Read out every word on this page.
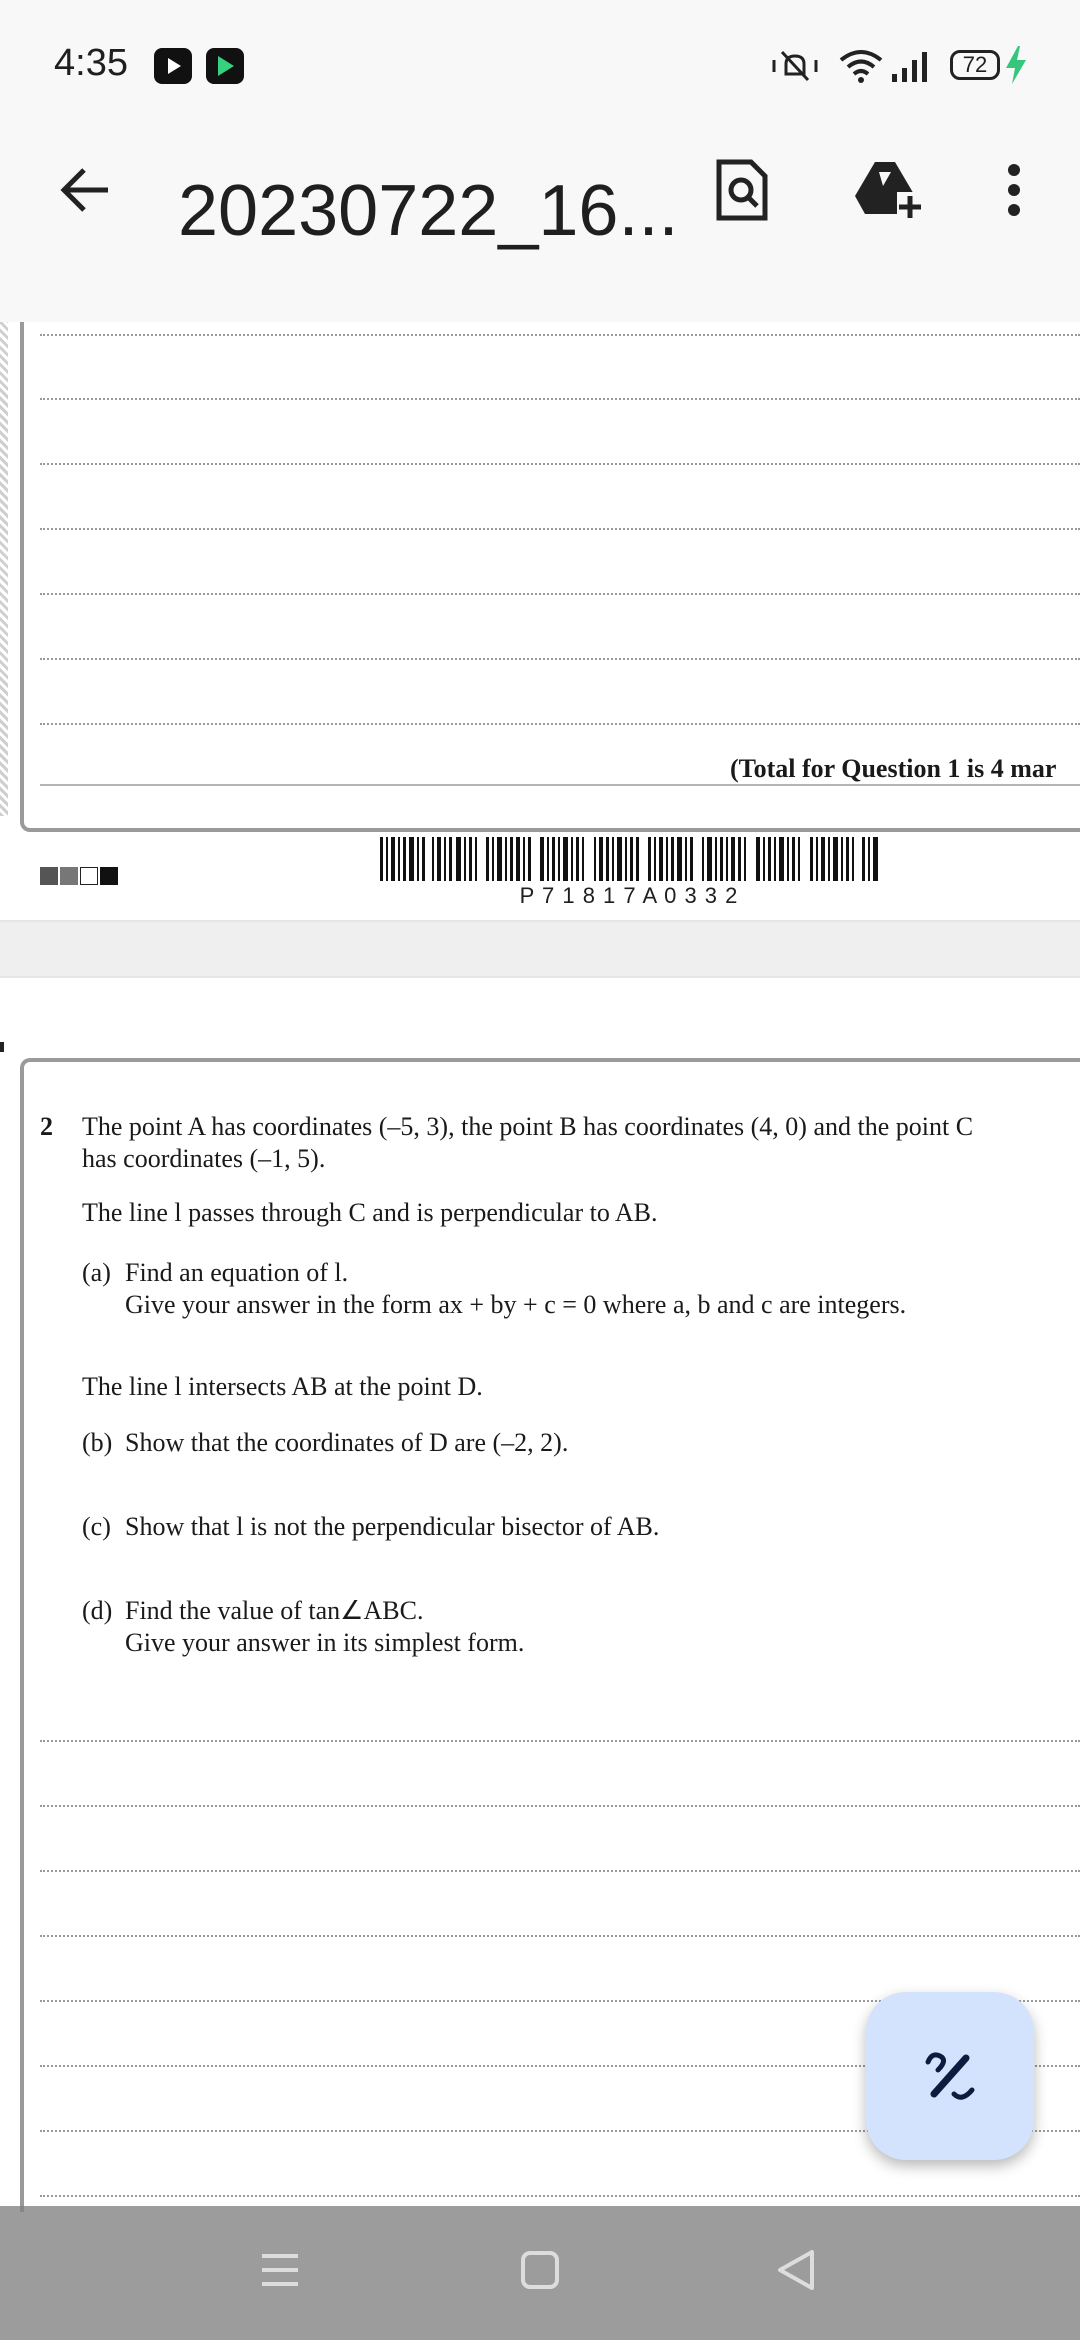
4:35	72
20230722_16...
(Total for Question 1 is 4 mar
P 7 1 8 1 7 A 0 3 3 2
2 The point A has coordinates (–5, 3), the point B has coordinates (4, 0) and the point C
has coordinates (–1, 5).
The line l passes through C and is perpendicular to AB.
(a) Find an equation of l.
Give your answer in the form ax + by + c = 0 where a, b and c are integers.
The line l intersects AB at the point D.
(b) Show that the coordinates of D are (–2, 2).
(c) Show that l is not the perpendicular bisector of AB.
(d) Find the value of tan∠ABC.
Give your answer in its simplest form.
